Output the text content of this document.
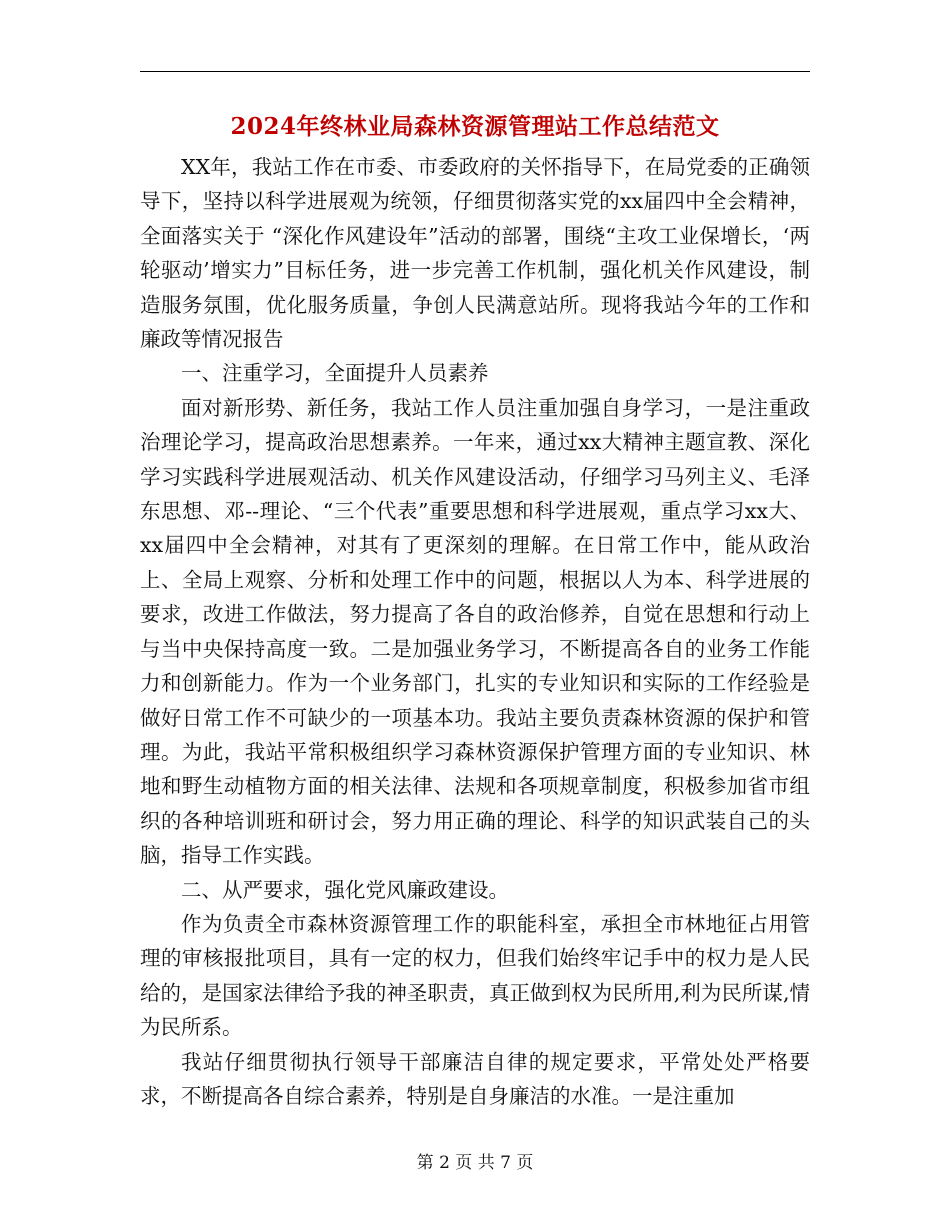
2024年终林业局森林资源管理站工作总结范文

XX年，我站工作在市委、市委政府的关怀指导下，在局党委的正确领导下，坚持以科学进展观为统领，仔细贯彻落实党的xx届四中全会精神，全面落实关于 “深化作风建设年”活动的部署，围绕“主攻工业保增长，‘两轮驱动’增实力”目标任务，进一步完善工作机制，强化机关作风建设，制造服务氛围，优化服务质量，争创人民满意站所。现将我站今年的工作和廉政等情况报告

一、注重学习，全面提升人员素养

面对新形势、新任务，我站工作人员注重加强自身学习，一是注重政治理论学习，提高政治思想素养。一年来，通过xx大精神主题宣教、深化学习实践科学进展观活动、机关作风建设活动，仔细学习马列主义、毛泽东思想、邓--理论、“三个代表”重要思想和科学进展观，重点学习xx大、xx届四中全会精神，对其有了更深刻的理解。在日常工作中，能从政治上、全局上观察、分析和处理工作中的问题，根据以人为本、科学进展的要求，改进工作做法，努力提高了各自的政治修养，自觉在思想和行动上与当中央保持高度一致。二是加强业务学习，不断提高各自的业务工作能力和创新能力。作为一个业务部门，扎实的专业知识和实际的工作经验是做好日常工作不可缺少的一项基本功。我站主要负责森林资源的保护和管理。为此，我站平常积极组织学习森林资源保护管理方面的专业知识、林地和野生动植物方面的相关法律、法规和各项规章制度，积极参加省市组织的各种培训班和研讨会，努力用正确的理论、科学的知识武装自己的头脑，指导工作实践。

二、从严要求，强化党风廉政建设。

作为负责全市森林资源管理工作的职能科室，承担全市林地征占用管理的审核报批项目，具有一定的权力，但我们始终牢记手中的权力是人民给的，是国家法律给予我的神圣职责，真正做到权为民所用,利为民所谋,情为民所系。

我站仔细贯彻执行领导干部廉洁自律的规定要求，平常处处严格要求，不断提高各自综合素养，特别是自身廉洁的水准。一是注重加

第 2 页 共 7 页
